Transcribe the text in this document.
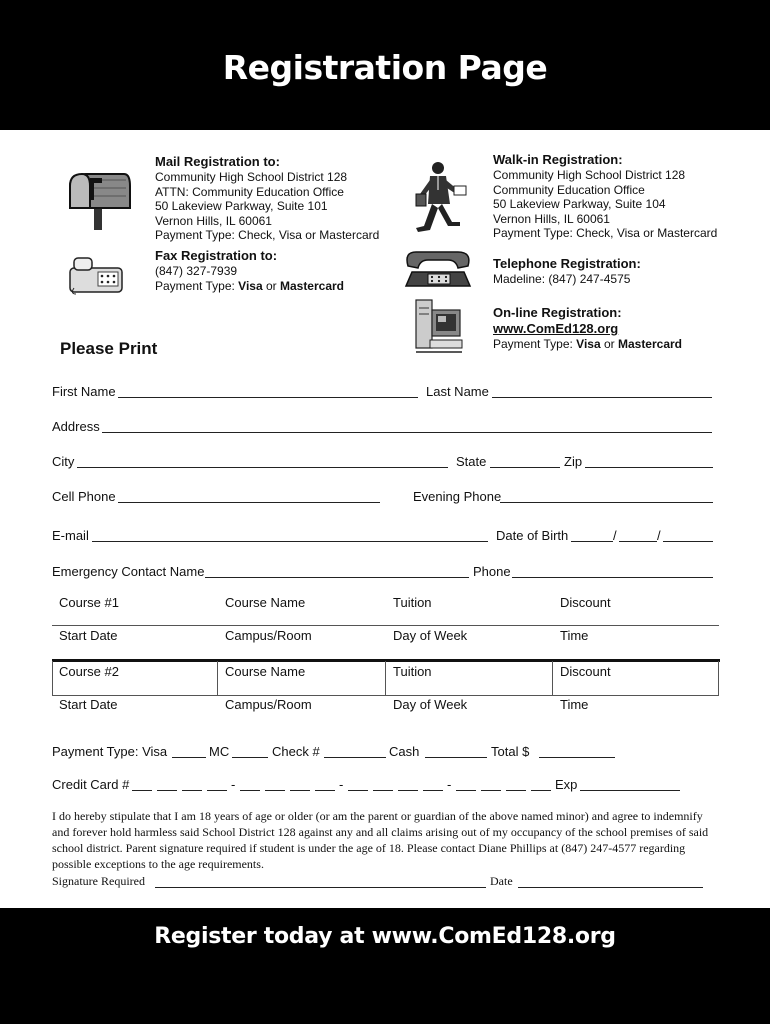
Registration Page
Mail Registration to:
Community High School District 128
ATTN: Community Education Office
50 Lakeview Parkway, Suite 101
Vernon Hills, IL 60061
Payment Type: Check, Visa or Mastercard
Fax Registration to:
(847) 327-7939
Payment Type: Visa or Mastercard
Walk-in Registration:
Community High School District 128
Community Education Office
50 Lakeview Parkway, Suite 104
Vernon Hills, IL 60061
Payment Type: Check, Visa or Mastercard
Telephone Registration:
Madeline: (847) 247-4575
On-line Registration:
www.ComEd128.org
Payment Type: Visa or Mastercard
Please Print
First Name	Last Name
Address
City	State	Zip
Cell Phone	Evening Phone
E-mail	Date of Birth	/	/
Emergency Contact Name	Phone
Course #1	Course Name	Tuition	Discount
Start Date	Campus/Room	Day of Week	Time
Course #2	Course Name	Tuition	Discount
Start Date	Campus/Room	Day of Week	Time
Payment Type: Visa	MC	Check #	Cash	Total $
Credit Card #	-	-	-	Exp
I do hereby stipulate that I am 18 years of age or older (or am the parent or guardian of the above named minor) and agree to indemnify and forever hold harmless said School District 128 against any and all claims arising out of my occupancy of the school premises of said school district. Parent signature required if student is under the age of 18. Please contact Diane Phillips at (847) 247-4577 regarding possible exceptions to the age requirements.
Signature Required	Date
Register today at www.ComEd128.org
